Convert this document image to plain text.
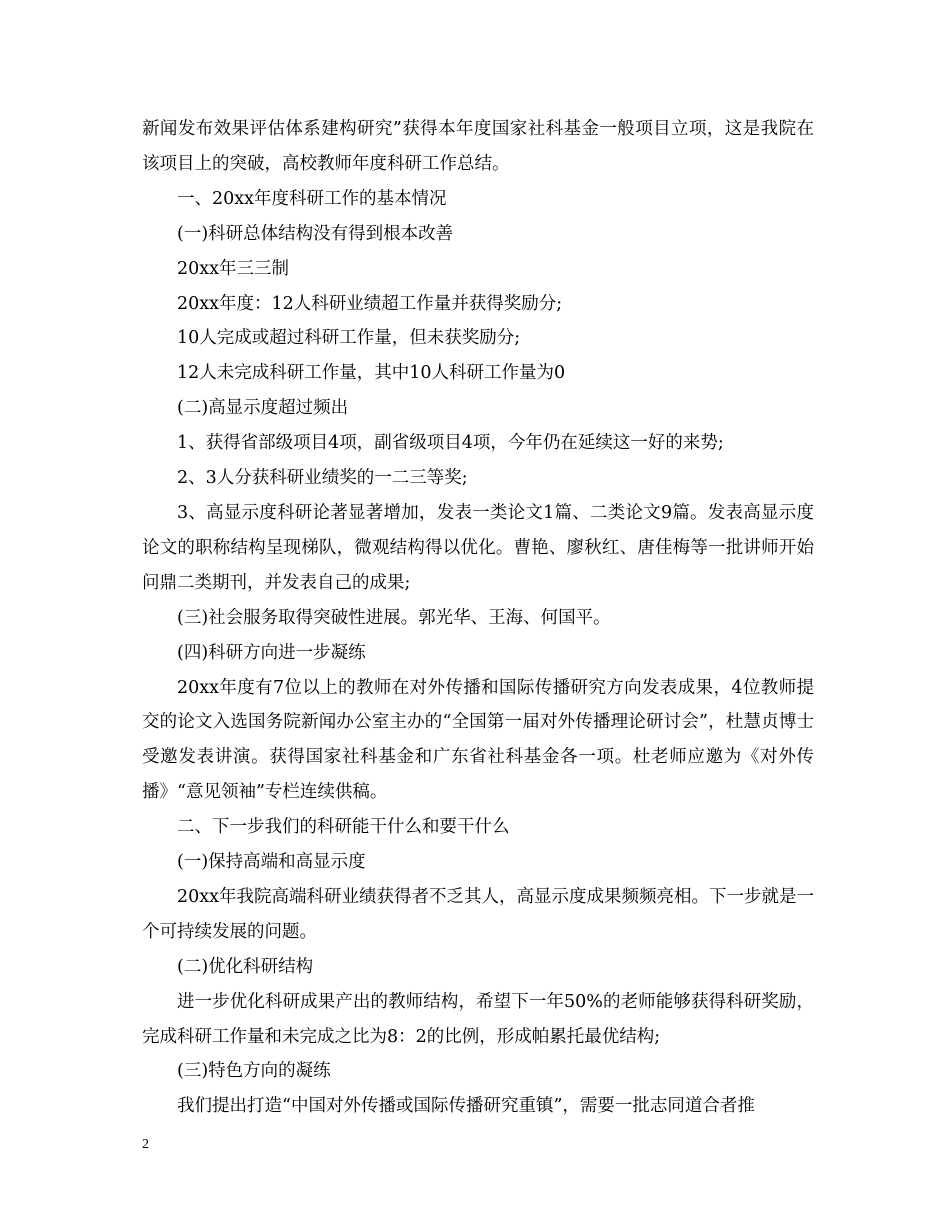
新闻发布效果评估体系建构研究”获得本年度国家社科基金一般项目立项，这是我院在该项目上的突破，高校教师年度科研工作总结。

一、20xx年度科研工作的基本情况

(一)科研总体结构没有得到根本改善

20xx年三三制

20xx年度：12人科研业绩超工作量并获得奖励分;

10人完成或超过科研工作量，但未获奖励分;

12人未完成科研工作量，其中10人科研工作量为0

(二)高显示度超过频出

1、获得省部级项目4项，副省级项目4项，今年仍在延续这一好的来势;

2、3人分获科研业绩奖的一二三等奖;

3、高显示度科研论著显著增加，发表一类论文1篇、二类论文9篇。发表高显示度论文的职称结构呈现梯队，微观结构得以优化。曹艳、廖秋红、唐佳梅等一批讲师开始问鼎二类期刊，并发表自己的成果;

(三)社会服务取得突破性进展。郭光华、王海、何国平。

(四)科研方向进一步凝练

20xx年度有7位以上的教师在对外传播和国际传播研究方向发表成果，4位教师提交的论文入选国务院新闻办公室主办的“全国第一届对外传播理论研讨会”，杜慧贞博士受邀发表讲演。获得国家社科基金和广东省社科基金各一项。杜老师应邀为《对外传播》“意见领袖”专栏连续供稿。

二、下一步我们的科研能干什么和要干什么

(一)保持高端和高显示度

20xx年我院高端科研业绩获得者不乏其人，高显示度成果频频亮相。下一步就是一个可持续发展的问题。

(二)优化科研结构

进一步优化科研成果产出的教师结构，希望下一年50%的老师能够获得科研奖励，完成科研工作量和未完成之比为8：2的比例，形成帕累托最优结构;

(三)特色方向的凝练

我们提出打造“中国对外传播或国际传播研究重镇”，需要一批志同道合者推

2
